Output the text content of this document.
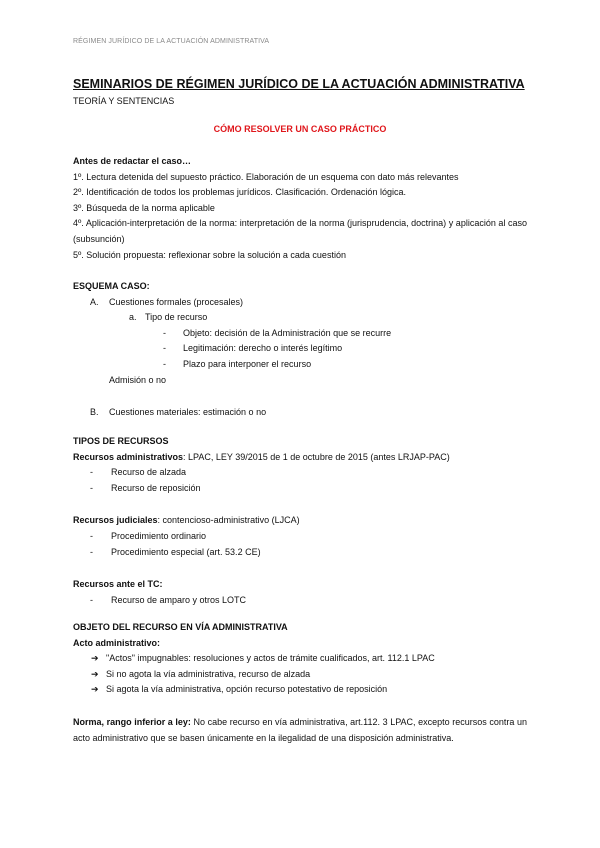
RÉGIMEN JURÍDICO DE LA ACTUACIÓN ADMINISTRATIVA
SEMINARIOS DE RÉGIMEN JURÍDICO DE LA ACTUACIÓN ADMINISTRATIVA
TEORÍA Y SENTENCIAS
CÓMO RESOLVER UN CASO PRÁCTICO
Antes de redactar el caso…
1º. Lectura detenida del supuesto práctico. Elaboración de un esquema con dato más relevantes
2º. Identificación de todos los problemas jurídicos. Clasificación. Ordenación lógica.
3º. Búsqueda de la norma aplicable
4º. Aplicación-interpretación de la norma: interpretación de la norma (jurisprudencia, doctrina) y aplicación al caso (subsunción)
5º. Solución propuesta: reflexionar sobre la solución a cada cuestión
ESQUEMA CASO:
A. Cuestiones formales (procesales)
a. Tipo de recurso
- Objeto: decisión de la Administración que se recurre
- Legitimación: derecho o interés legítimo
- Plazo para interponer el recurso
Admisión o no
B. Cuestiones materiales: estimación o no
TIPOS DE RECURSOS
Recursos administrativos: LPAC, LEY 39/2015 de 1 de octubre de 2015 (antes LRJAP-PAC)
- Recurso de alzada
- Recurso de reposición
Recursos judiciales: contencioso-administrativo (LJCA)
- Procedimiento ordinario
- Procedimiento especial (art. 53.2 CE)
Recursos ante el TC:
- Recurso de amparo y otros LOTC
OBJETO DEL RECURSO EN VÍA ADMINISTRATIVA
Acto administrativo:
➔ "Actos" impugnables: resoluciones y actos de trámite cualificados, art. 112.1 LPAC
➔ Si no agota la vía administrativa, recurso de alzada
➔ Si agota la vía administrativa, opción recurso potestativo de reposición
Norma, rango inferior a ley: No cabe recurso en vía administrativa, art.112. 3 LPAC, excepto recursos contra un acto administrativo que se basen únicamente en la ilegalidad de una disposición administrativa.
